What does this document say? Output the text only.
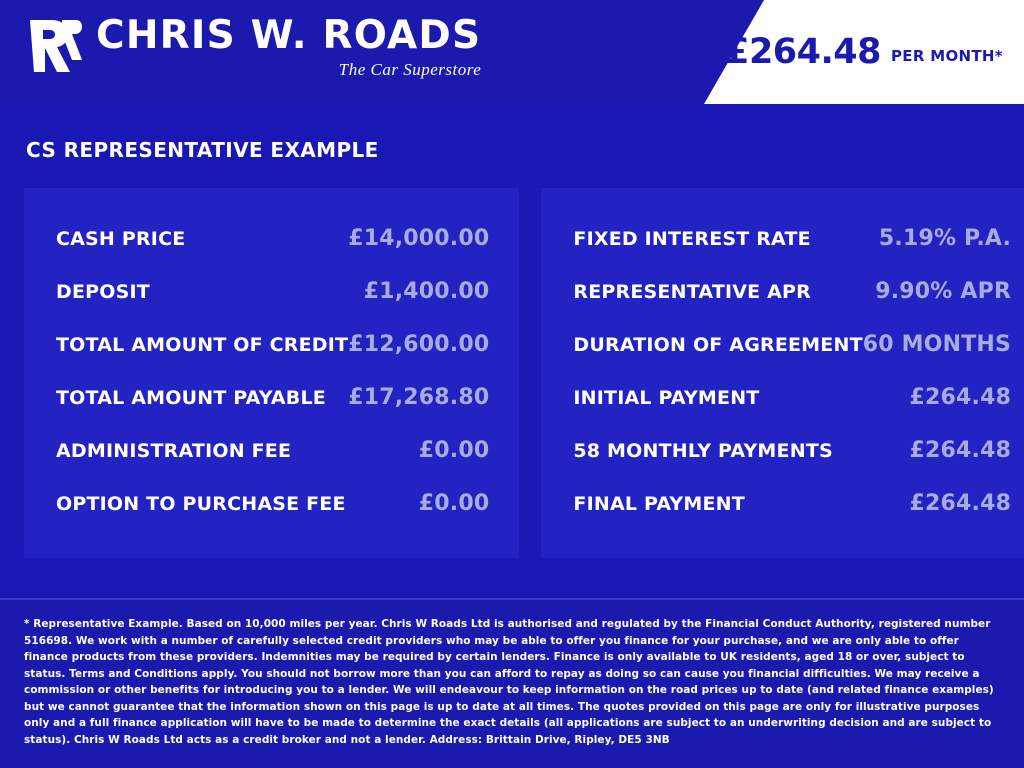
CHRIS W. ROADS
The Car Superstore	£264.48 PER MONTH*
CS REPRESENTATIVE EXAMPLE
CASH PRICE	£14,000.00
DEPOSIT	£1,400.00
TOTAL AMOUNT OF CREDIT £12,600.00
TOTAL AMOUNT PAYABLE £17,268.80
ADMINISTRATION FEE	£0.00
OPTION TO PURCHASE FEE	£0.00
FIXED INTEREST RATE	5.19% P.A.
REPRESENTATIVE APR	9.90% APR
DURATION OF AGREEMENT 60 MONTHS
INITIAL PAYMENT	£264.48
58 MONTHLY PAYMENTS	£264.48
FINAL PAYMENT	£264.48

* Representative Example. Based on 10,000 miles per year. Chris W Roads Ltd is authorised and regulated by the Financial Conduct Authority, registered number 516698. We work with a number of carefully selected credit providers who may be able to offer you finance for your purchase, and we are only able to offer finance products from these providers. Indemnities may be required by certain lenders. Finance is only available to UK residents, aged 18 or over, subject to status. Terms and Conditions apply. You should not borrow more than you can afford to repay as doing so can cause you financial difficulties. We may receive a commission or other benefits for introducing you to a lender. We will endeavour to keep information on the road prices up to date (and related finance examples) but we cannot guarantee that the information shown on this page is up to date at all times. The quotes provided on this page are only for illustrative purposes only and a full finance application will have to be made to determine the exact details (all applications are subject to an underwriting decision and are subject to status). Chris W Roads Ltd acts as a credit broker and not a lender. Address: Brittain Drive, Ripley, DE5 3NB
